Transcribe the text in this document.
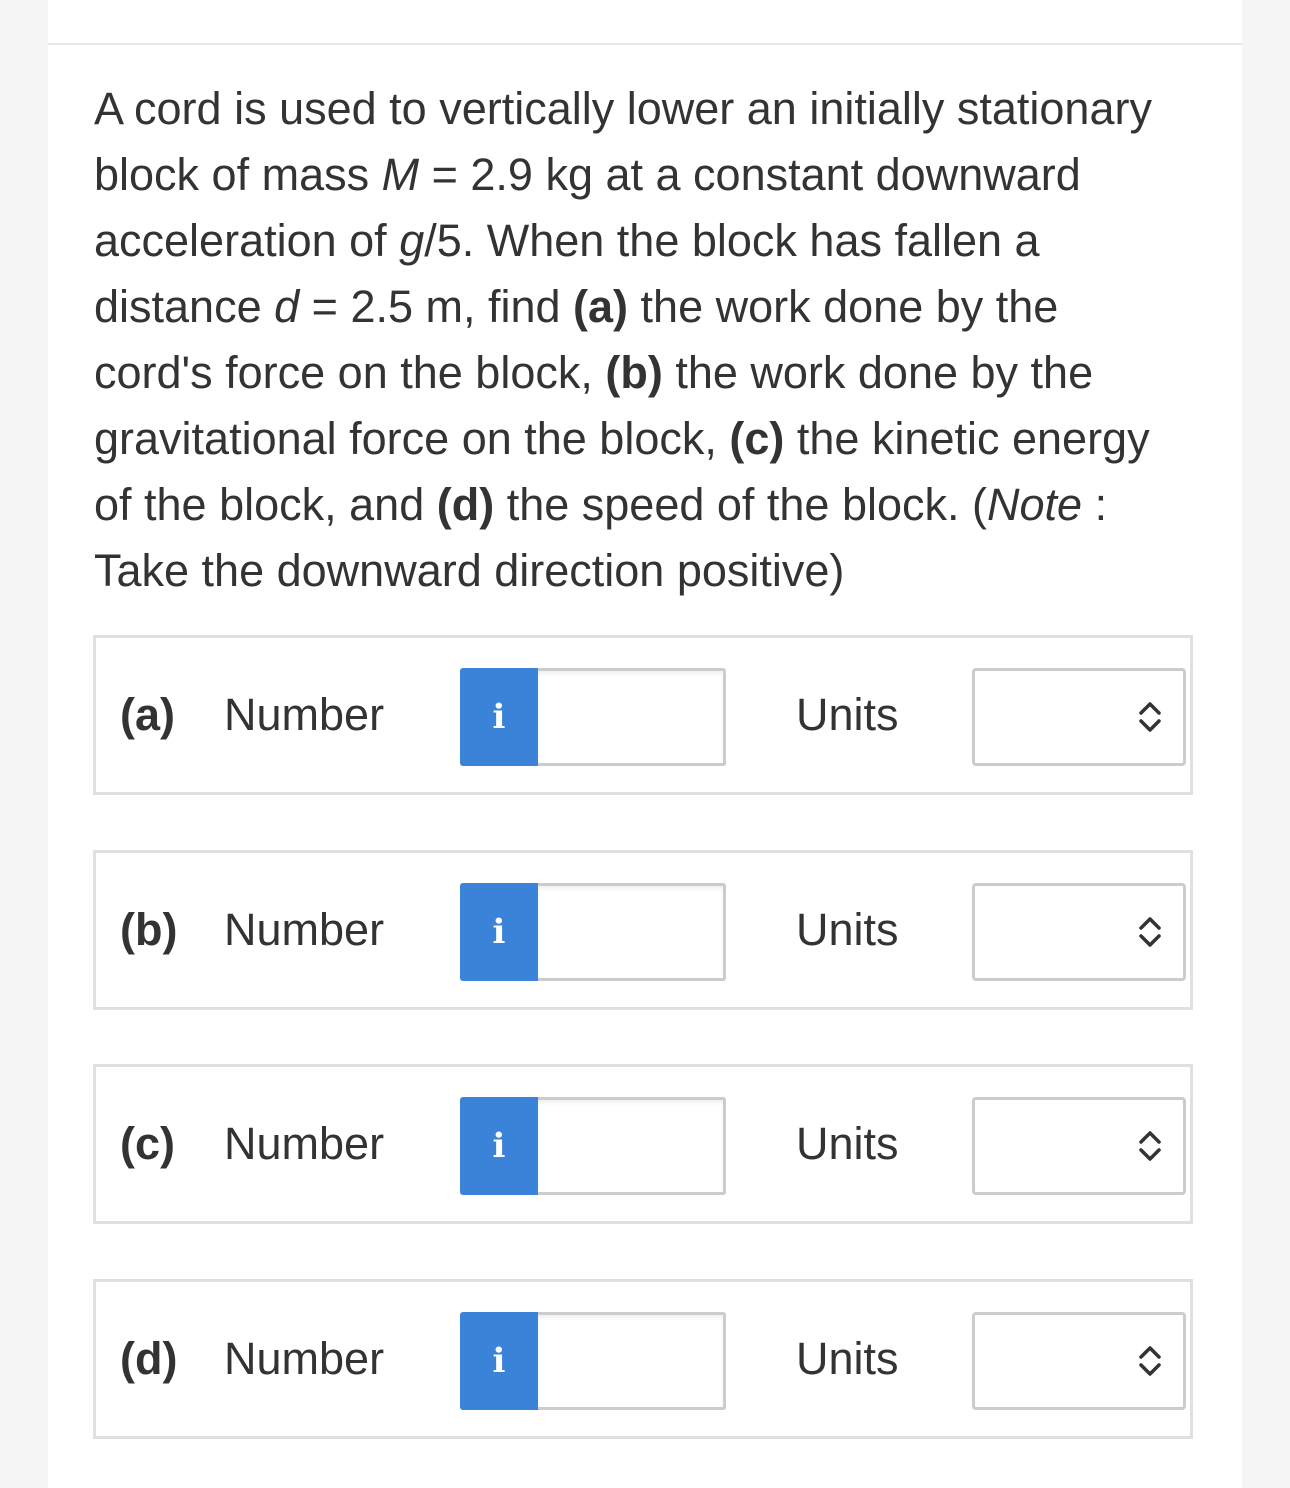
A cord is used to vertically lower an initially stationary block of mass M = 2.9 kg at a constant downward acceleration of g/5. When the block has fallen a distance d = 2.5 m, find (a) the work done by the cord's force on the block, (b) the work done by the gravitational force on the block, (c) the kinetic energy of the block, and (d) the speed of the block. (Note : Take the downward direction positive)
(a) Number	i	Units
(b) Number	i	Units
(c) Number	i	Units
(d) Number	i	Units
